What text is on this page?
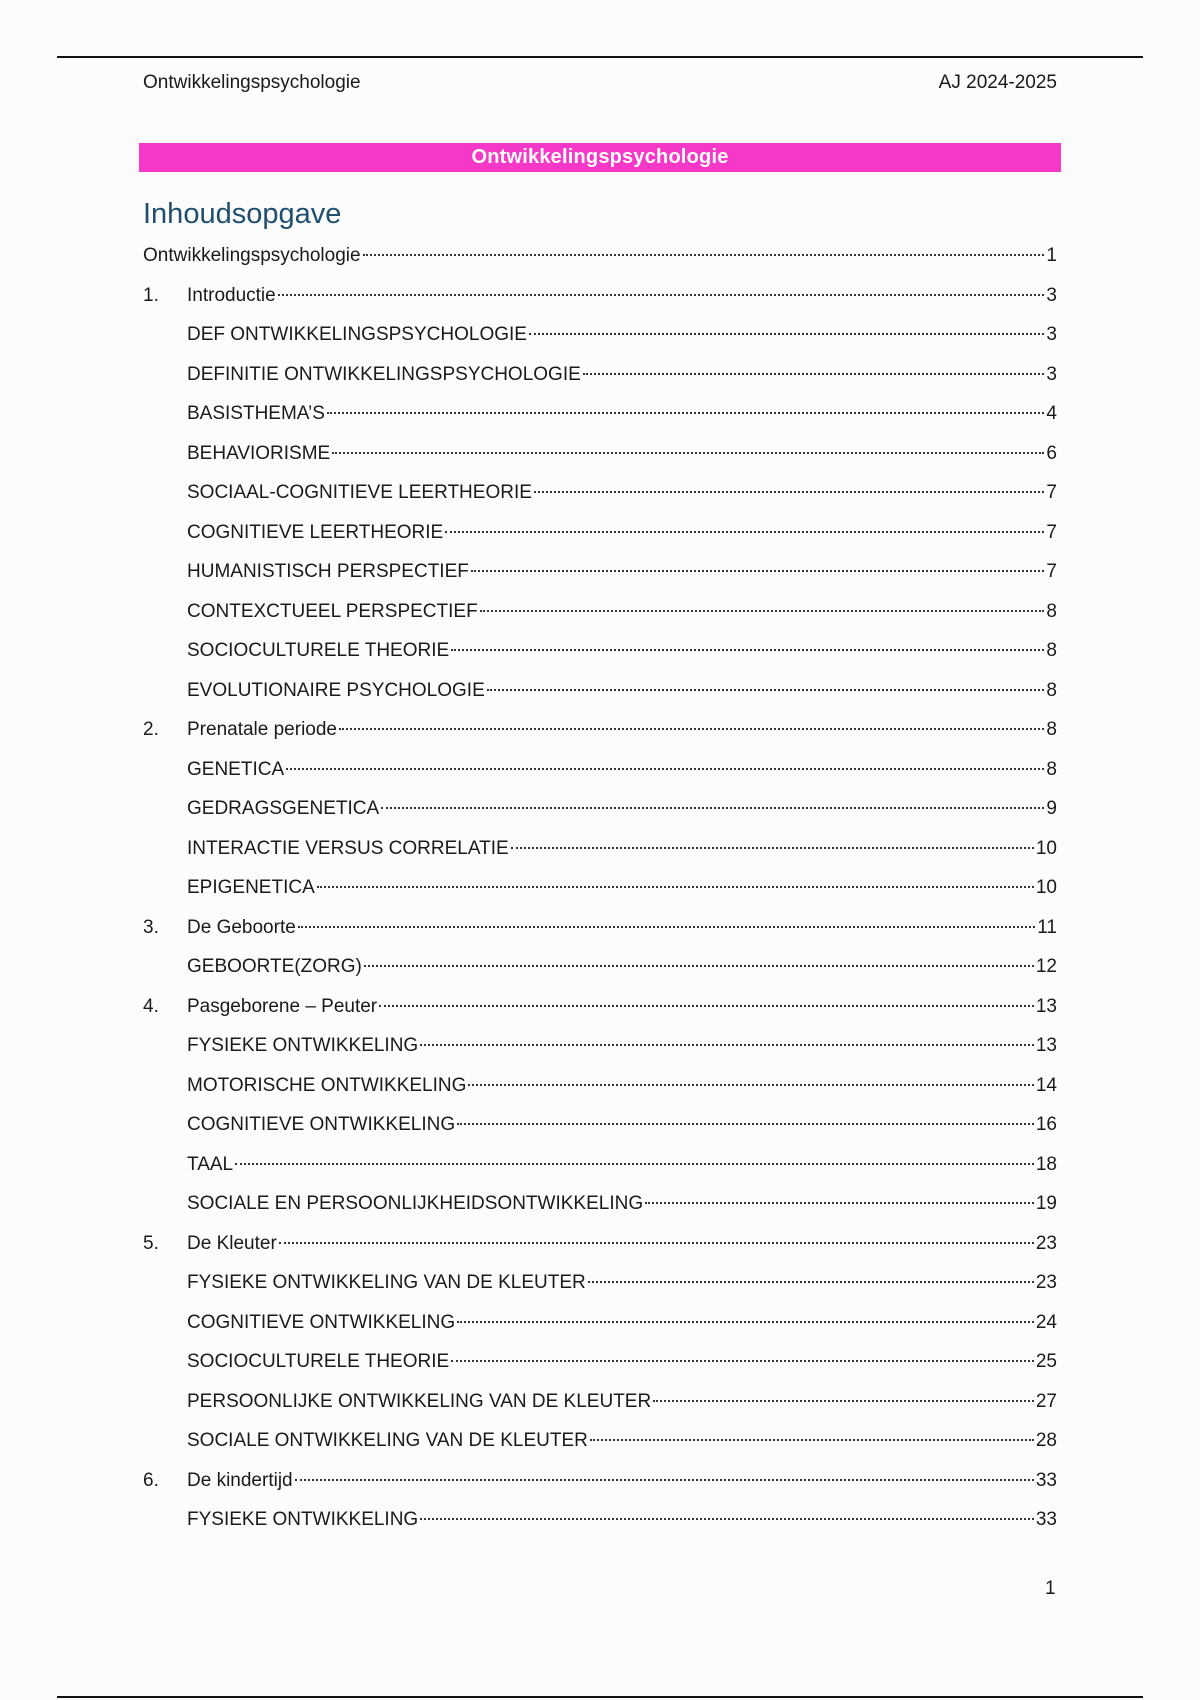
Ontwikkelingspsychologie	AJ 2024-2025
Ontwikkelingspsychologie
Inhoudsopgave
Ontwikkelingspsychologie	1
1.	Introductie	3
DEF ONTWIKKELINGSPSYCHOLOGIE	3
DEFINITIE ONTWIKKELINGSPSYCHOLOGIE	3
BASISTHEMA’S	4
BEHAVIORISME	6
SOCIAAL-COGNITIEVE LEERTHEORIE	7
COGNITIEVE LEERTHEORIE	7
HUMANISTISCH PERSPECTIEF	7
CONTEXCTUEEL PERSPECTIEF	8
SOCIOCULTURELE THEORIE	8
EVOLUTIONAIRE PSYCHOLOGIE	8
2.	Prenatale periode	8
GENETICA	8
GEDRAGSGENETICA	9
INTERACTIE VERSUS CORRELATIE	10
EPIGENETICA	10
3.	De Geboorte	11
GEBOORTE(ZORG)	12
4.	Pasgeborene – Peuter	13
FYSIEKE ONTWIKKELING	13
MOTORISCHE ONTWIKKELING	14
COGNITIEVE ONTWIKKELING	16
TAAL	18
SOCIALE EN PERSOONLIJKHEIDSONTWIKKELING	19
5.	De Kleuter	23
FYSIEKE ONTWIKKELING VAN DE KLEUTER	23
COGNITIEVE ONTWIKKELING	24
SOCIOCULTURELE THEORIE	25
PERSOONLIJKE ONTWIKKELING VAN DE KLEUTER	27
SOCIALE ONTWIKKELING VAN DE KLEUTER	28
6.	De kindertijd	33
FYSIEKE ONTWIKKELING	33
1
